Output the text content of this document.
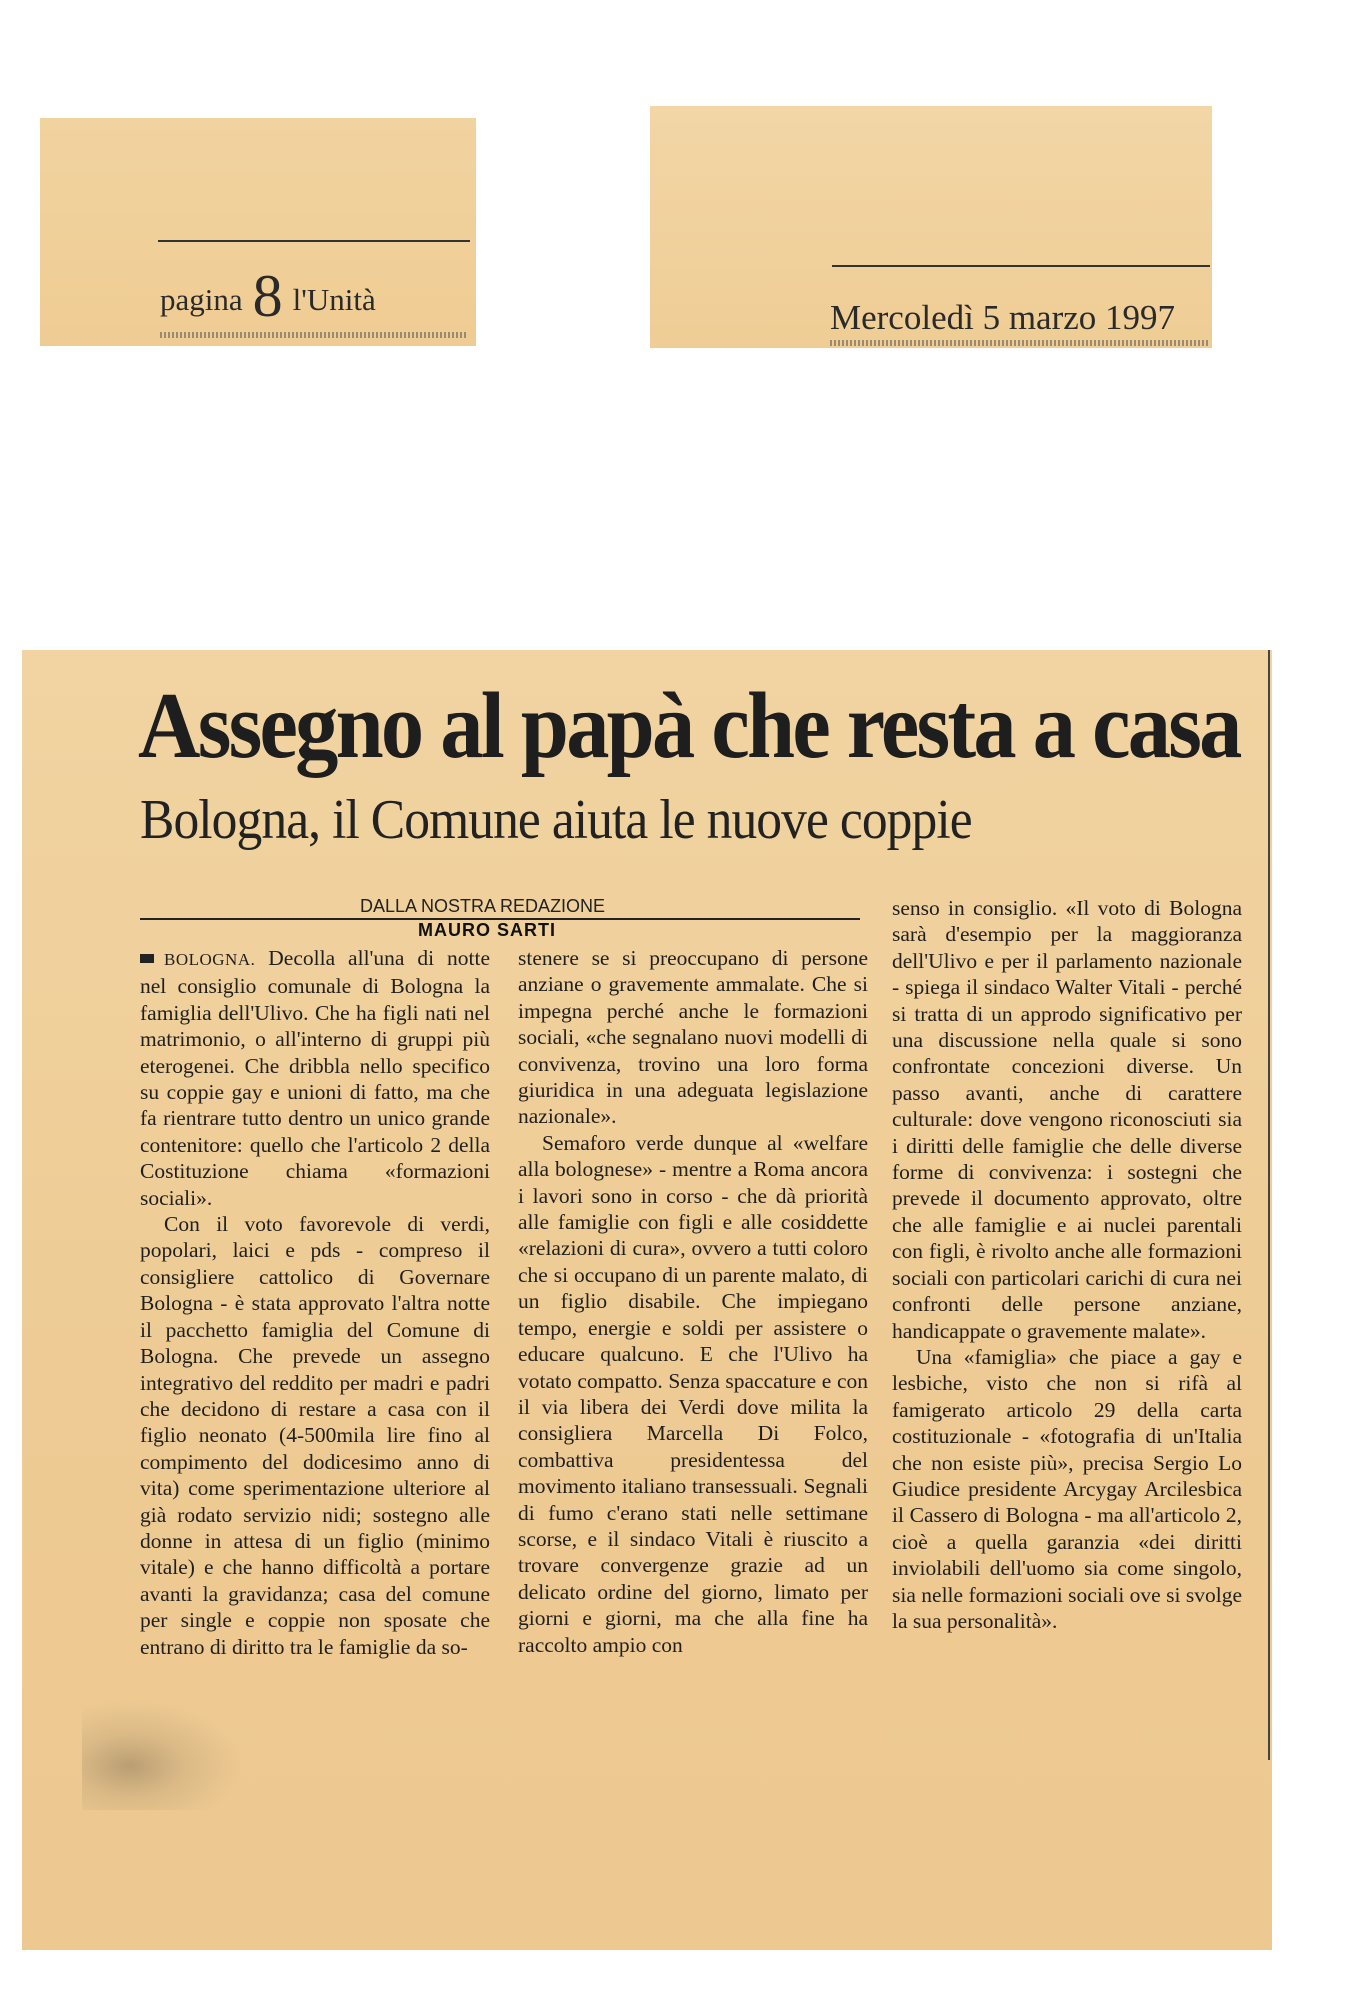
pagina 8 l'Unità	Mercoledì 5 marzo 1997
Assegno al papà che resta a casa
Bologna, il Comune aiuta le nuove coppie
DALLA NOSTRA REDAZIONE
MAURO SARTI

BOLOGNA. Decolla all'una di notte nel consiglio comunale di Bologna la famiglia dell'Ulivo. Che ha figli nati nel matrimonio, o all'interno di gruppi più eterogenei. Che dribbla nello specifico su coppie gay e unioni di fatto, ma che fa rientrare tutto dentro un unico grande contenitore: quello che l'articolo 2 della Costituzione chiama «formazioni sociali».

Con il voto favorevole di verdi, popolari, laici e pds - compreso il consigliere cattolico di Governare Bologna - è stata approvato l'altra notte il pacchetto famiglia del Comune di Bologna. Che prevede un assegno integrativo del reddito per madri e padri che decidono di restare a casa con il figlio neonato (4-500mila lire fino al compimento del dodicesimo anno di vita) come sperimentazione ulteriore al già rodato servizio nidi; sostegno alle donne in attesa di un figlio (minimo vitale) e che hanno difficoltà a portare avanti la gravidanza; casa del comune per single e coppie non sposate che entrano di diritto tra le famiglie da so-

stenere se si preoccupano di persone anziane o gravemente ammalate. Che si impegna perché anche le formazioni sociali, «che segnalano nuovi modelli di convivenza, trovino una loro forma giuridica in una adeguata legislazione nazionale».

Semaforo verde dunque al «welfare alla bolognese» - mentre a Roma ancora i lavori sono in corso - che dà priorità alle famiglie con figli e alle cosiddette «relazioni di cura», ovvero a tutti coloro che si occupano di un parente malato, di un figlio disabile. Che impiegano tempo, energie e soldi per assistere o educare qualcuno. E che l'Ulivo ha votato compatto. Senza spaccature e con il via libera dei Verdi dove milita la consigliera Marcella Di Folco, combattiva presidentessa del movimento italiano transessuali. Segnali di fumo c'erano stati nelle settimane scorse, e il sindaco Vitali è riuscito a trovare convergenze grazie ad un delicato ordine del giorno, limato per giorni e giorni, ma che alla fine ha raccolto ampio con

senso in consiglio. «Il voto di Bologna sarà d'esempio per la maggioranza dell'Ulivo e per il parlamento nazionale - spiega il sindaco Walter Vitali - perché si tratta di un approdo significativo per una discussione nella quale si sono confrontate concezioni diverse. Un passo avanti, anche di carattere culturale: dove vengono riconosciuti sia i diritti delle famiglie che delle diverse forme di convivenza: i sostegni che prevede il documento approvato, oltre che alle famiglie e ai nuclei parentali con figli, è rivolto anche alle formazioni sociali con particolari carichi di cura nei confronti delle persone anziane, handicappate o gravemente malate».

Una «famiglia» che piace a gay e lesbiche, visto che non si rifà al famigerato articolo 29 della carta costituzionale - «fotografia di un'Italia che non esiste più», precisa Sergio Lo Giudice presidente Arcygay Arcilesbica il Cassero di Bologna - ma all'articolo 2, cioè a quella garanzia «dei diritti inviolabili dell'uomo sia come singolo, sia nelle formazioni sociali ove si svolge la sua personalità».
